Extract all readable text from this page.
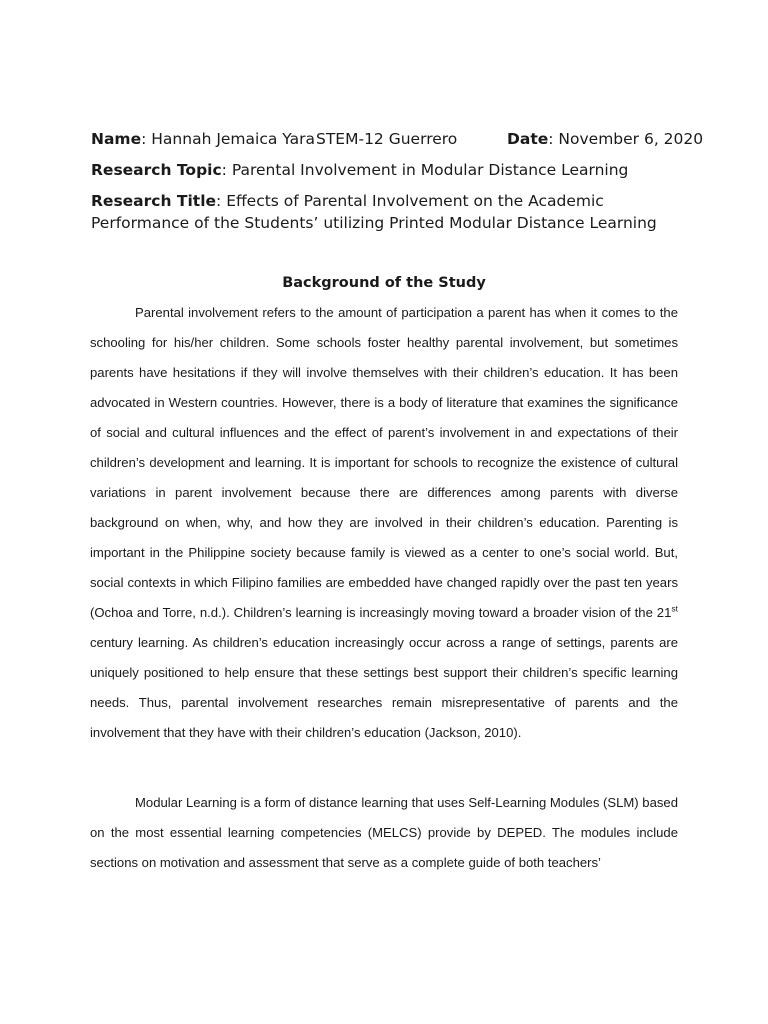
Name: Hannah Jemaica Yara STEM-12 Guerrero	Date: November 6, 2020
Research Topic: Parental Involvement in Modular Distance Learning
Research Title: Effects of Parental Involvement on the Academic Performance of the Students’ utilizing Printed Modular Distance Learning
Background of the Study

Parental involvement refers to the amount of participation a parent has when it comes to the schooling for his/her children. Some schools foster healthy parental involvement, but sometimes parents have hesitations if they will involve themselves with their children’s education. It has been advocated in Western countries. However, there is a body of literature that examines the significance of social and cultural influences and the effect of parent’s involvement in and expectations of their children’s development and learning. It is important for schools to recognize the existence of cultural variations in parent involvement because there are differences among parents with diverse background on when, why, and how they are involved in their children’s education. Parenting is important in the Philippine society because family is viewed as a center to one’s social world. But, social contexts in which Filipino families are embedded have changed rapidly over the past ten years (Ochoa and Torre, n.d.). Children’s learning is increasingly moving toward a broader vision of the 21st century learning. As children’s education increasingly occur across a range of settings, parents are uniquely positioned to help ensure that these settings best support their children’s specific learning needs. Thus, parental involvement researches remain misrepresentative of parents and the involvement that they have with their children’s education (Jackson, 2010).

Modular Learning is a form of distance learning that uses Self-Learning Modules (SLM) based on the most essential learning competencies (MELCS) provide by DEPED. The modules include sections on motivation and assessment that serve as a complete guide of both teachers’
